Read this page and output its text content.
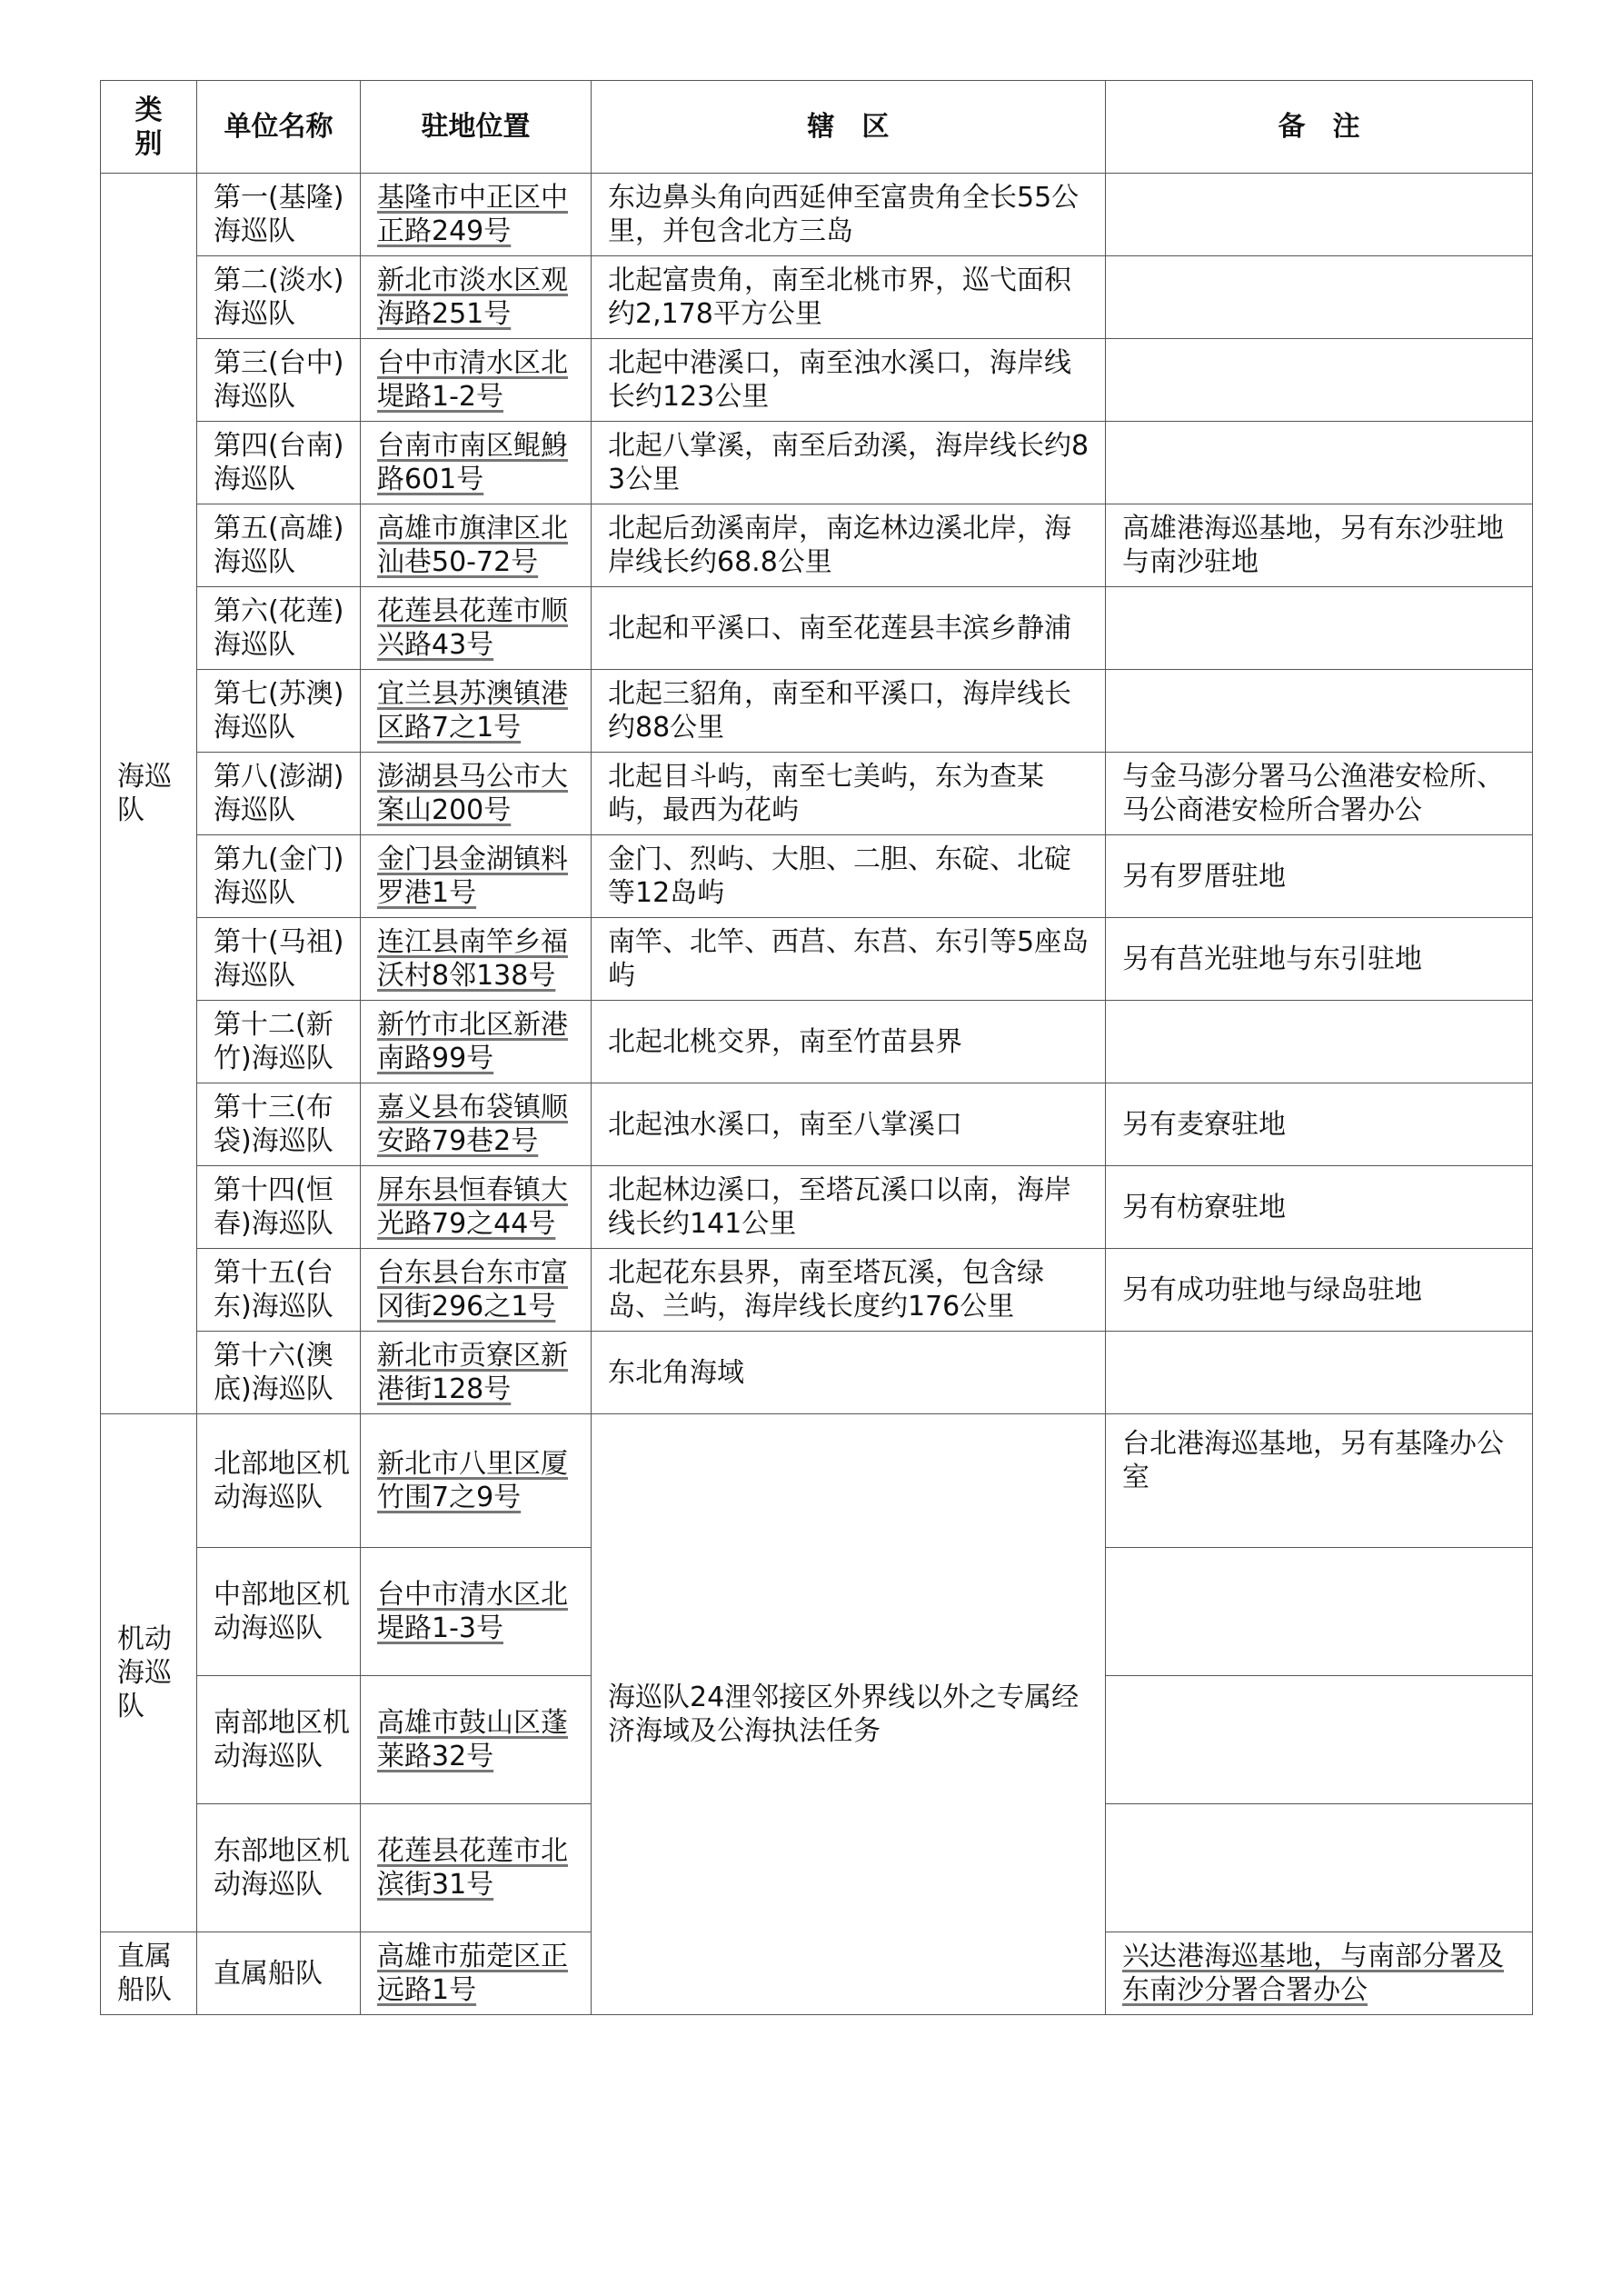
类
别	单位名称	驻地位置	辖　区	备　注
海巡队	第一(基隆)海巡队	基隆市中正区中正路249号	东边鼻头角向西延伸至富贵角全长55公里，并包含北方三岛	
	第二(淡水)海巡队	新北市淡水区观海路251号	北起富贵角，南至北桃市界，巡弋面积约2,178平方公里	
	第三(台中)海巡队	台中市清水区北堤路1-2号	北起中港溪口，南至浊水溪口，海岸线长约123公里	
	第四(台南)海巡队	台南市南区鲲鯓路601号	北起八掌溪，南至后劲溪，海岸线长约83公里	
	第五(高雄)海巡队	高雄市旗津区北汕巷50-72号	北起后劲溪南岸，南迄林边溪北岸，海岸线长约68.8公里	高雄港海巡基地，另有东沙驻地与南沙驻地
	第六(花莲)海巡队	花莲县花莲市顺兴路43号	北起和平溪口、南至花莲县丰滨乡静浦	
	第七(苏澳)海巡队	宜兰县苏澳镇港区路7之1号	北起三貂角，南至和平溪口，海岸线长约88公里	
	第八(澎湖)海巡队	澎湖县马公市大案山200号	北起目斗屿，南至七美屿，东为查某屿，最西为花屿	与金马澎分署马公渔港安检所、马公商港安检所合署办公
	第九(金门)海巡队	金门县金湖镇料罗港1号	金门、烈屿、大胆、二胆、东碇、北碇等12岛屿	另有罗厝驻地
	第十(马祖)海巡队	连江县南竿乡福沃村8邻138号	南竿、北竿、西莒、东莒、东引等5座岛屿	另有莒光驻地与东引驻地
	第十二(新竹)海巡队	新竹市北区新港南路99号	北起北桃交界，南至竹苗县界	
	第十三(布袋)海巡队	嘉义县布袋镇顺安路79巷2号	北起浊水溪口，南至八掌溪口	另有麦寮驻地
	第十四(恒春)海巡队	屏东县恒春镇大光路79之44号	北起林边溪口，至塔瓦溪口以南，海岸线长约141公里	另有枋寮驻地
	第十五(台东)海巡队	台东县台东市富冈街296之1号	北起花东县界，南至塔瓦溪，包含绿岛、兰屿，海岸线长度约176公里	另有成功驻地与绿岛驻地
	第十六(澳底)海巡队	新北市贡寮区新港街128号	东北角海域	
机动海巡队	北部地区机动海巡队	新北市八里区厦竹围7之9号	海巡队24浬邻接区外界线以外之专属经济海域及公海执法任务	台北港海巡基地，另有基隆办公室
	中部地区机动海巡队	台中市清水区北堤路1-3号		
	南部地区机动海巡队	高雄市鼓山区蓬莱路32号		
	东部地区机动海巡队	花莲县花莲市北滨街31号		
直属船队	直属船队	高雄市茄萣区正远路1号		兴达港海巡基地，与南部分署及东南沙分署合署办公
